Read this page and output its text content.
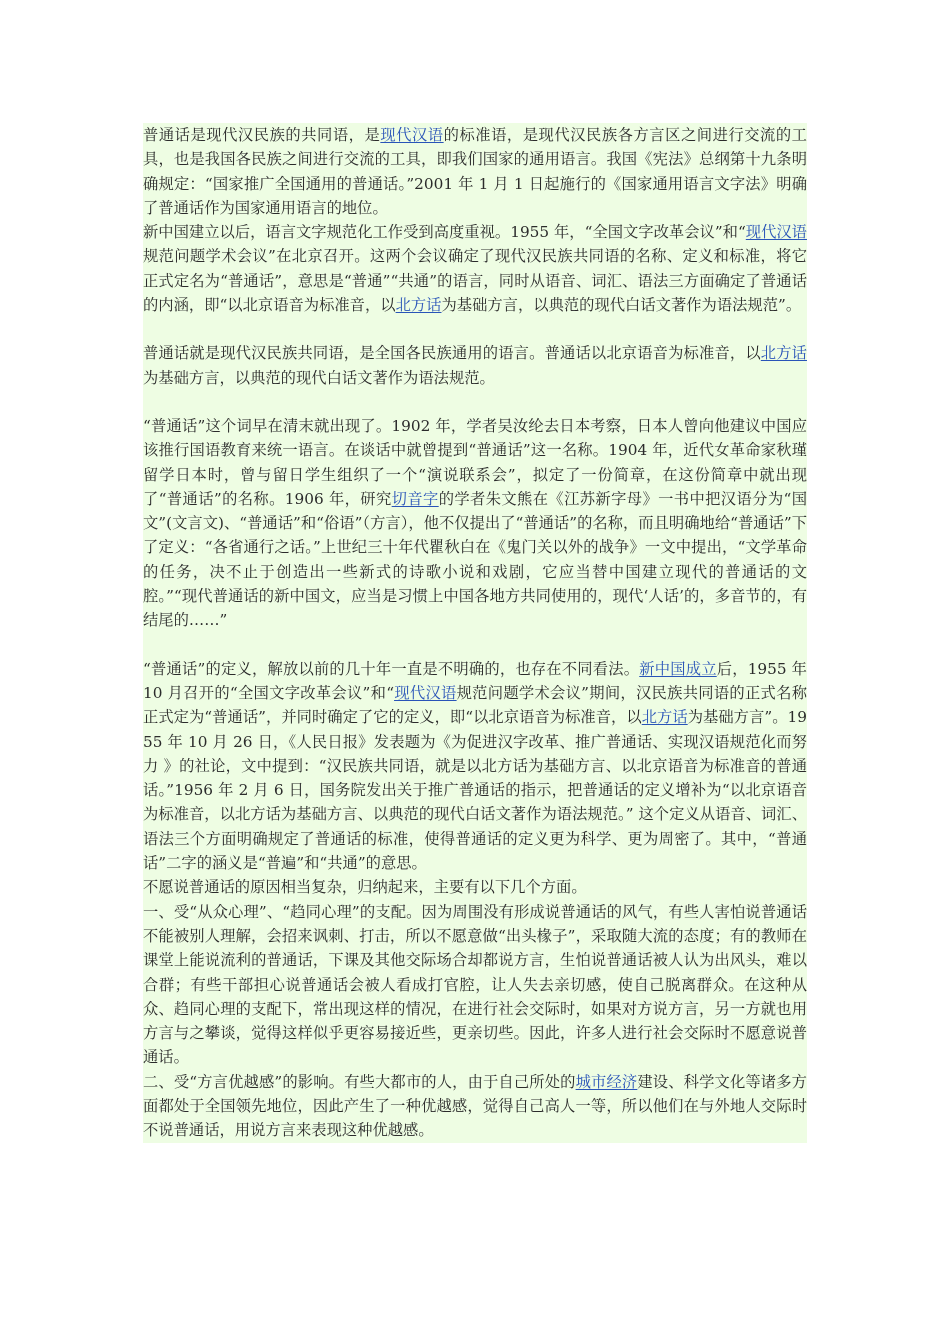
普通话是现代汉民族的共同语，是现代汉语的标准语，是现代汉民族各方言区之间进行交流的工具，也是我国各民族之间进行交流的工具，即我们国家的通用语言。我国《宪法》总纲第十九条明确规定：“国家推广全国通用的普通话。”2001 年 1 月 1 日起施行的《国家通用语言文字法》明确了普通话作为国家通用语言的地位。

新中国建立以后，语言文字规范化工作受到高度重视。1955 年，“全国文字改革会议”和“现代汉语规范问题学术会议”在北京召开。这两个会议确定了现代汉民族共同语的名称、定义和标准，将它正式定名为“普通话”，意思是“普通”“共通”的语言，同时从语音、词汇、语法三方面确定了普通话的内涵，即“以北京语音为标准音，以北方话为基础方言，以典范的现代白话文著作为语法规范”。

普通话就是现代汉民族共同语，是全国各民族通用的语言。普通话以北京语音为标准音，以北方话为基础方言，以典范的现代白话文著作为语法规范。

“普通话”这个词早在清末就出现了。1902 年，学者吴汝纶去日本考察，日本人曾向他建议中国应该推行国语教育来统一语言。在谈话中就曾提到“普通话”这一名称。1904 年，近代女革命家秋瑾留学日本时，曾与留日学生组织了一个“演说联系会”，拟定了一份简章，在这份简章中就出现了“普通话”的名称。1906 年，研究切音字的学者朱文熊在《江苏新字母》一书中把汉语分为“国文”(文言文)、“普通话”和“俗语”（方言），他不仅提出了“普通话”的名称，而且明确地给“普通话”下了定义：“各省通行之话。”上世纪三十年代瞿秋白在《鬼门关以外的战争》一文中提出，“文学革命的任务，决不止于创造出一些新式的诗歌小说和戏剧，它应当替中国建立现代的普通话的文腔。”“现代普通话的新中国文，应当是习惯上中国各地方共同使用的，现代‘人话’的，多音节的，有结尾的……”

“普通话”的定义，解放以前的几十年一直是不明确的，也存在不同看法。新中国成立后，1955 年 10 月召开的“全国文字改革会议”和“现代汉语规范问题学术会议”期间，汉民族共同语的正式名称正式定为“普通话”，并同时确定了它的定义，即“以北京语音为标准音，以北方话为基础方言”。1955 年 10 月 26 日，《人民日报》发表题为《为促进汉字改革、推广普通话、实现汉语规范化而努力 》的社论，文中提到：“汉民族共同语，就是以北方话为基础方言、以北京语音为标准音的普通话。”1956 年 2 月 6 日，国务院发出关于推广普通话的指示，把普通话的定义增补为“以北京语音为标准音，以北方话为基础方言、以典范的现代白话文著作为语法规范。” 这个定义从语音、词汇、语法三个方面明确规定了普通话的标准，使得普通话的定义更为科学、更为周密了。其中，“普通话”二字的涵义是“普遍”和“共通”的意思。

不愿说普通话的原因相当复杂，归纳起来，主要有以下几个方面。

一、受“从众心理”、“趋同心理”的支配。因为周围没有形成说普通话的风气，有些人害怕说普通话不能被别人理解，会招来讽刺、打击，所以不愿意做“出头椽子”，采取随大流的态度；有的教师在课堂上能说流利的普通话，下课及其他交际场合却都说方言，生怕说普通话被人认为出风头，难以合群；有些干部担心说普通话会被人看成打官腔，让人失去亲切感，使自己脱离群众。在这种从众、趋同心理的支配下，常出现这样的情况，在进行社会交际时，如果对方说方言，另一方就也用方言与之攀谈，觉得这样似乎更容易接近些，更亲切些。因此，许多人进行社会交际时不愿意说普通话。

二、受“方言优越感”的影响。有些大都市的人，由于自己所处的城市经济建设、科学文化等诸多方面都处于全国领先地位，因此产生了一种优越感，觉得自己高人一等，所以他们在与外地人交际时不说普通话，用说方言来表现这种优越感。
